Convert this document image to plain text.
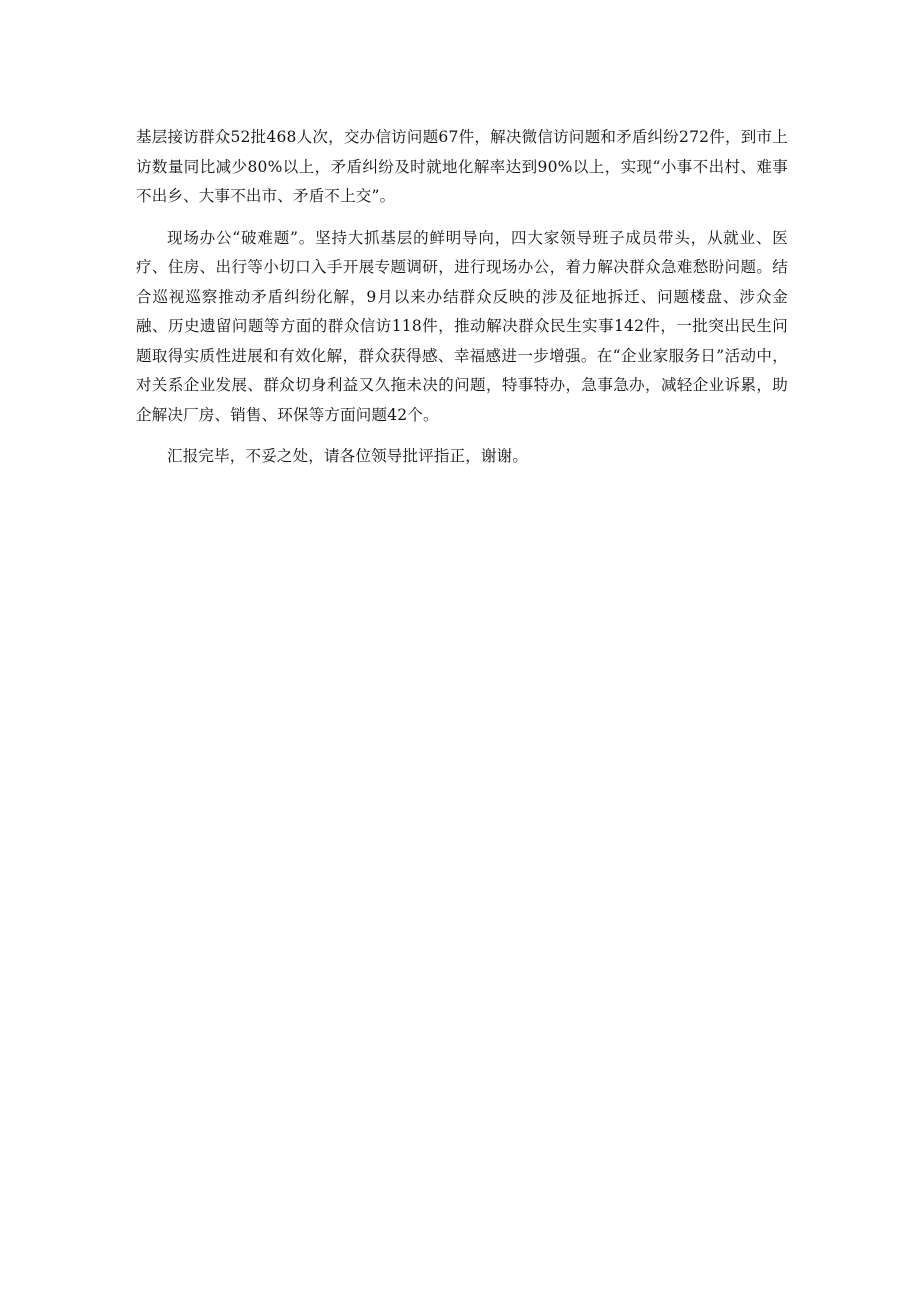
基层接访群众52批468人次，交办信访问题67件，解决微信访问题和矛盾纠纷272件，到市上访数量同比减少80%以上，矛盾纠纷及时就地化解率达到90%以上，实现“小事不出村、难事不出乡、大事不出市、矛盾不上交”。

现场办公“破难题”。坚持大抓基层的鲜明导向，四大家领导班子成员带头，从就业、医疗、住房、出行等小切口入手开展专题调研，进行现场办公，着力解决群众急难愁盼问题。结合巡视巡察推动矛盾纠纷化解，9月以来办结群众反映的涉及征地拆迁、问题楼盘、涉众金融、历史遗留问题等方面的群众信访118件，推动解决群众民生实事142件，一批突出民生问题取得实质性进展和有效化解，群众获得感、幸福感进一步增强。在“企业家服务日”活动中，对关系企业发展、群众切身利益又久拖未决的问题，特事特办，急事急办，减轻企业诉累，助企解决厂房、销售、环保等方面问题42个。

汇报完毕，不妥之处，请各位领导批评指正，谢谢。
